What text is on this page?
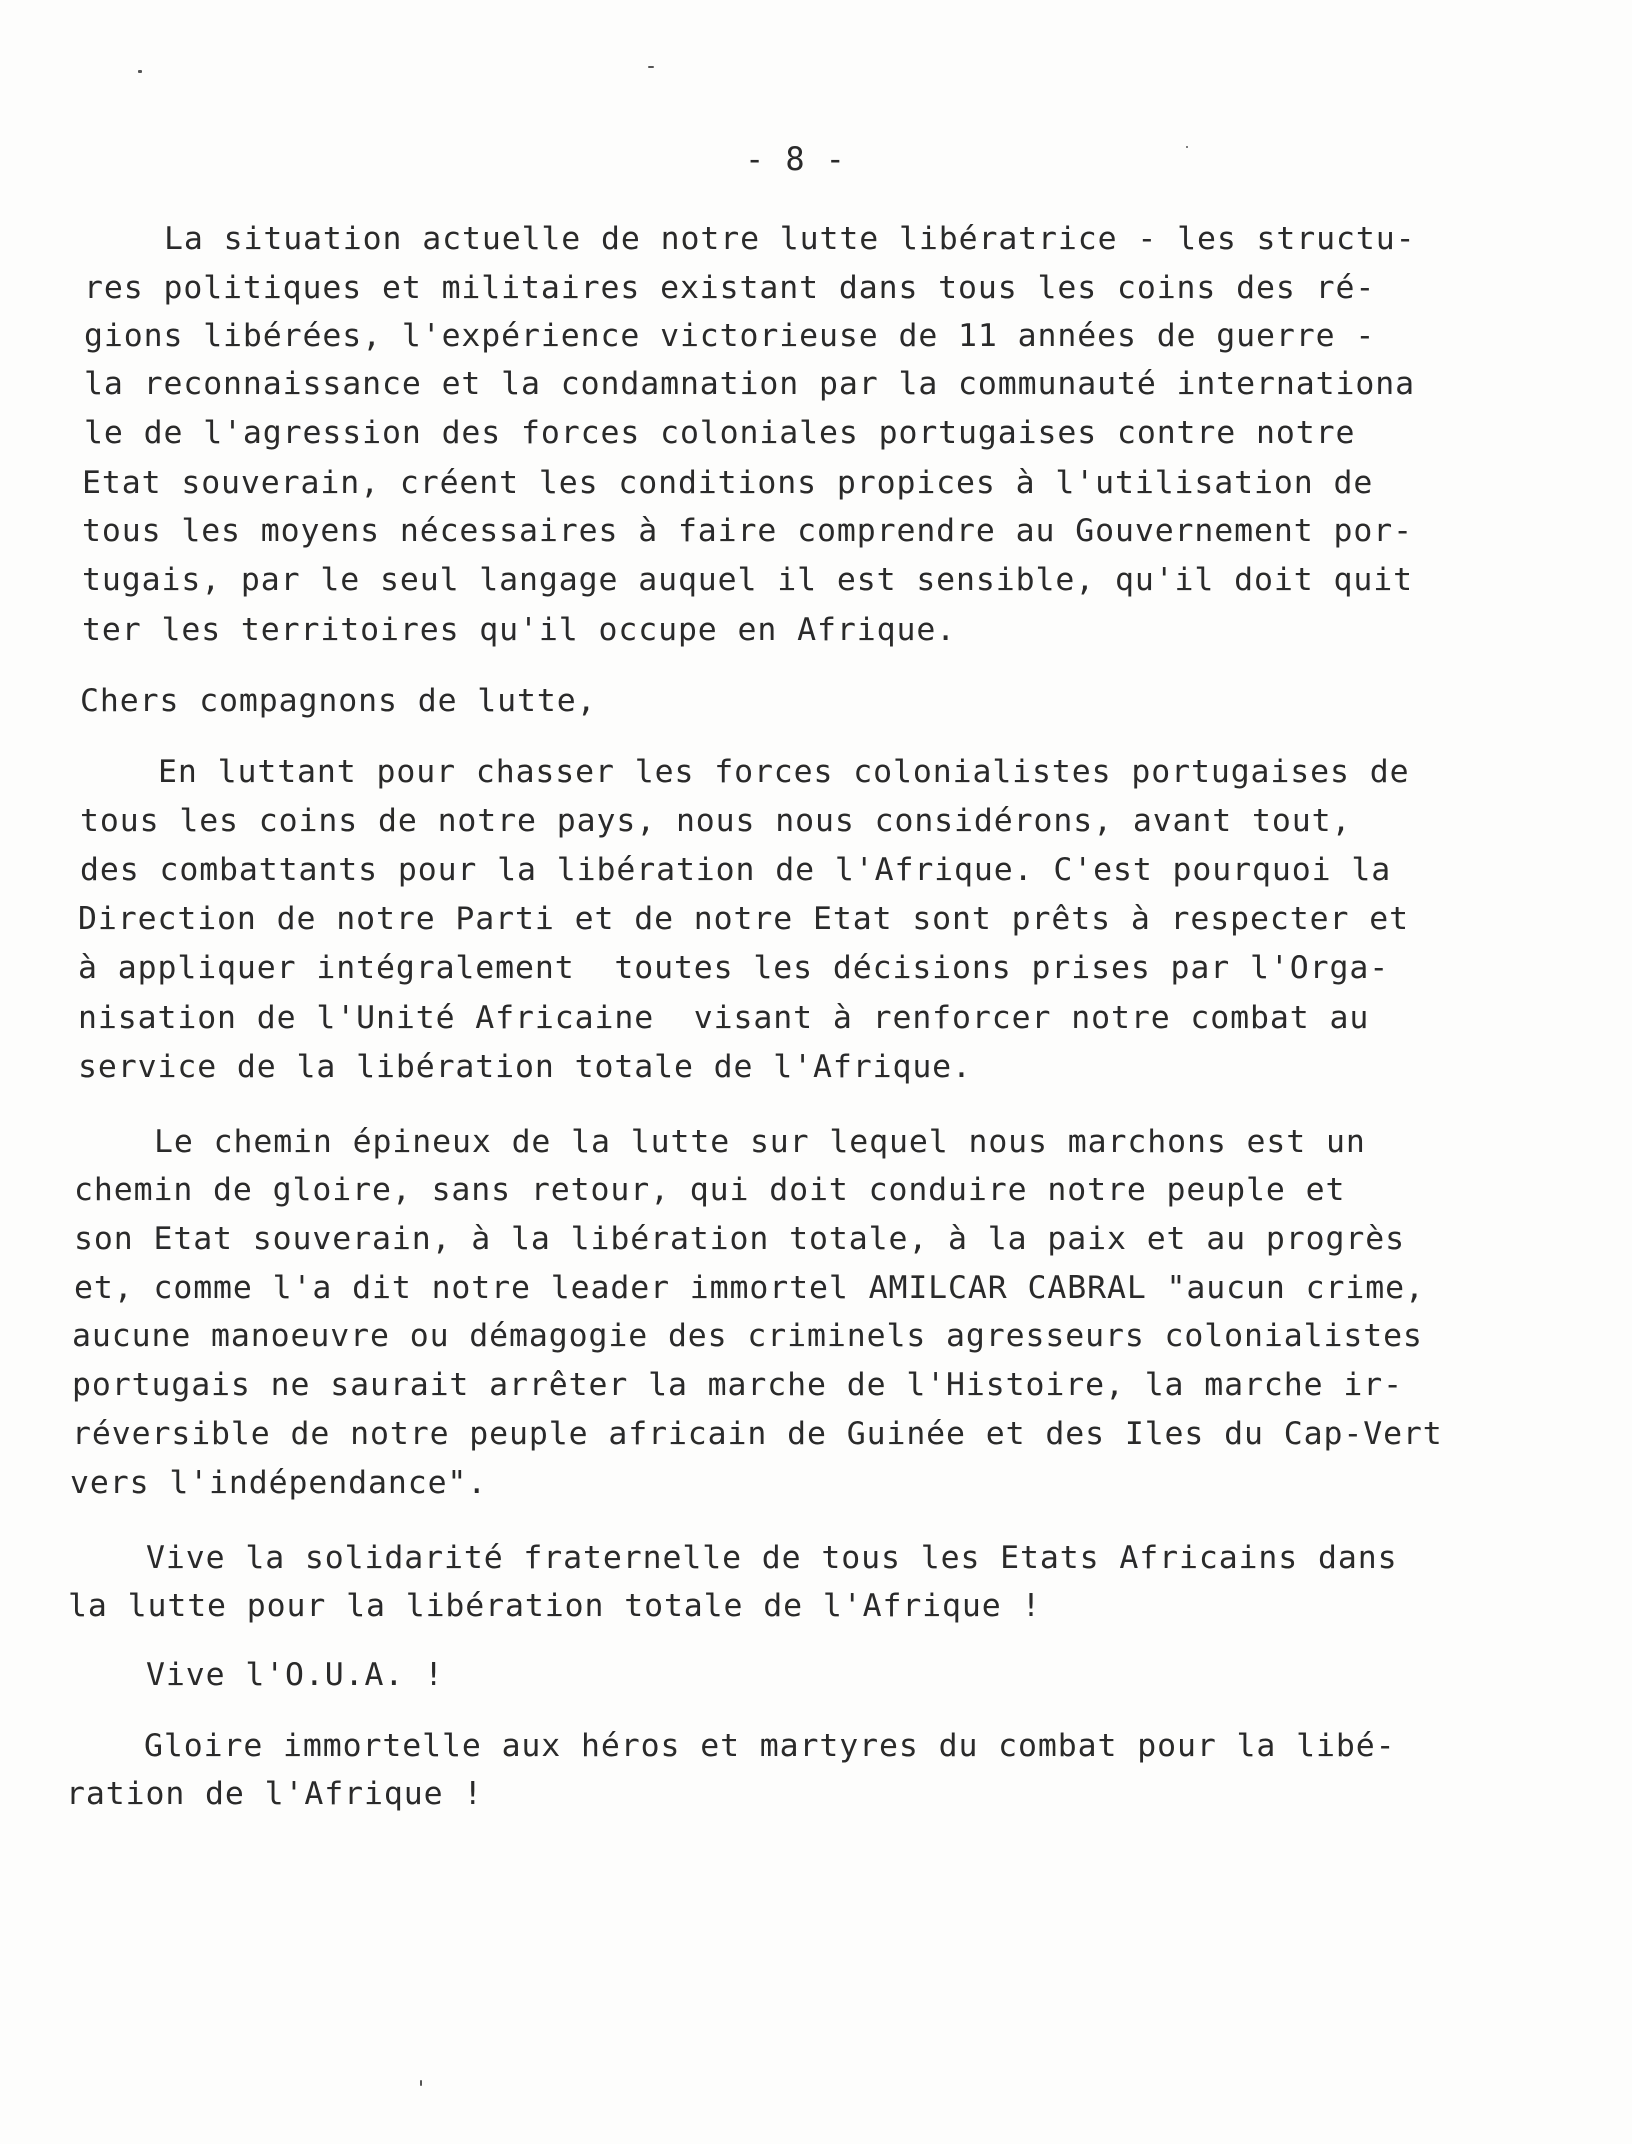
- 8 -
La situation actuelle de notre lutte libératrice - les structu-
res politiques et militaires existant dans tous les coins des ré-
gions libérées, l'expérience victorieuse de 11 années de guerre -
la reconnaissance et la condamnation par la communauté internationa
le de l'agression des forces coloniales portugaises contre notre
Etat souverain, créent les conditions propices à l'utilisation de
tous les moyens nécessaires à faire comprendre au Gouvernement por-
tugais, par le seul langage auquel il est sensible, qu'il doit quit
ter les territoires qu'il occupe en Afrique.
Chers compagnons de lutte,
En luttant pour chasser les forces colonialistes portugaises de
tous les coins de notre pays, nous nous considérons, avant tout,
des combattants pour la libération de l'Afrique. C'est pourquoi la
Direction de notre Parti et de notre Etat sont prêts à respecter et
à appliquer intégralement  toutes les décisions prises par l'Orga-
nisation de l'Unité Africaine  visant à renforcer notre combat au
service de la libération totale de l'Afrique.
Le chemin épineux de la lutte sur lequel nous marchons est un
chemin de gloire, sans retour, qui doit conduire notre peuple et
son Etat souverain, à la libération totale, à la paix et au progrès
et, comme l'a dit notre leader immortel AMILCAR CABRAL "aucun crime,
aucune manoeuvre ou démagogie des criminels agresseurs colonialistes
portugais ne saurait arrêter la marche de l'Histoire, la marche ir-
réversible de notre peuple africain de Guinée et des Iles du Cap-Vert
vers l'indépendance".
Vive la solidarité fraternelle de tous les Etats Africains dans
la lutte pour la libération totale de l'Afrique !
Vive l'O.U.A. !
Gloire immortelle aux héros et martyres du combat pour la libé-
ration de l'Afrique !
